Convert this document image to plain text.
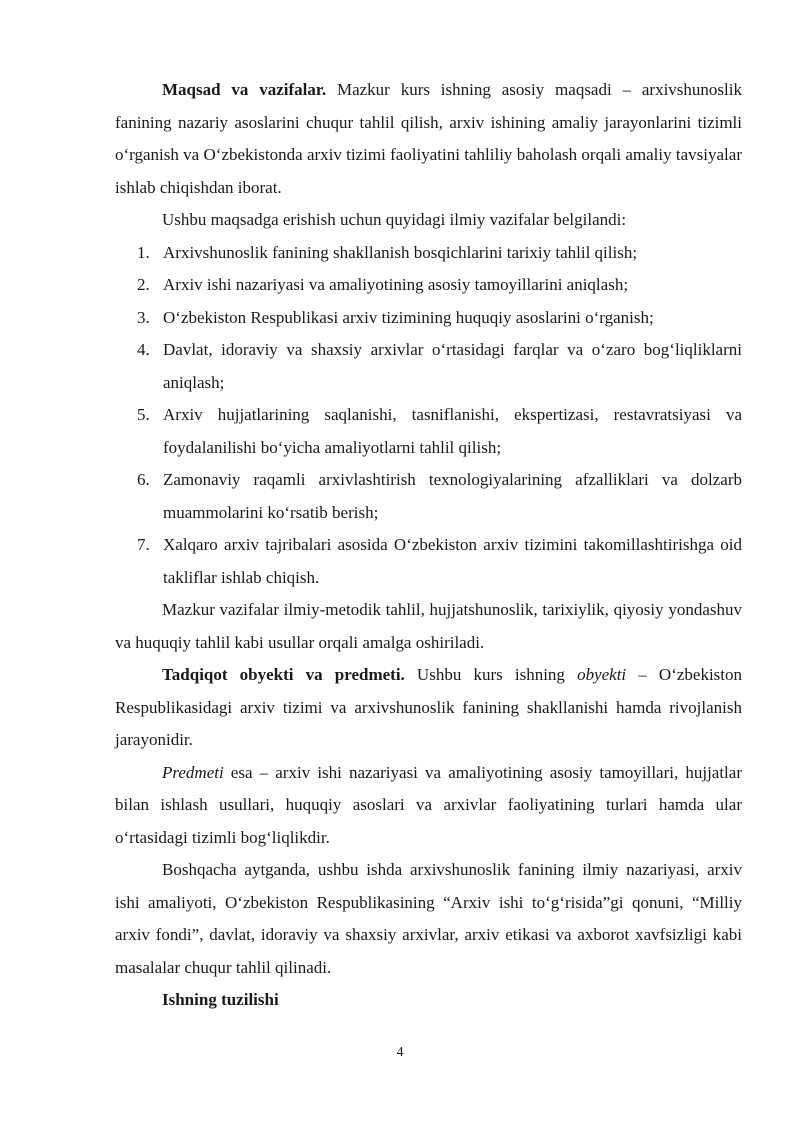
Maqsad va vazifalar. Mazkur kurs ishning asosiy maqsadi – arxivshunoslik fanining nazariy asoslarini chuqur tahlil qilish, arxiv ishining amaliy jarayonlarini tizimli o‘rganish va O‘zbekistonda arxiv tizimi faoliyatini tahliliy baholash orqali amaliy tavsiyalar ishlab chiqishdan iborat.

Ushbu maqsadga erishish uchun quyidagi ilmiy vazifalar belgilandi:

1. Arxivshunoslik fanining shakllanish bosqichlarini tarixiy tahlil qilish;
2. Arxiv ishi nazariyasi va amaliyotining asosiy tamoyillarini aniqlash;
3. O‘zbekiston Respublikasi arxiv tizimining huquqiy asoslarini o‘rganish;
4. Davlat, idoraviy va shaxsiy arxivlar o‘rtasidagi farqlar va o‘zaro bog‘liqliklarni aniqlash;
5. Arxiv hujjatlarining saqlanishi, tasniflanishi, ekspertizasi, restavratsiyasi va foydalanilishi bo‘yicha amaliyotlarni tahlil qilish;
6. Zamonaviy raqamli arxivlashtirish texnologiyalarining afzalliklari va dolzarb muammolarini ko‘rsatib berish;
7. Xalqaro arxiv tajribalari asosida O‘zbekiston arxiv tizimini takomillashtirishga oid takliflar ishlab chiqish.

Mazkur vazifalar ilmiy-metodik tahlil, hujjatshunoslik, tarixiylik, qiyosiy yondashuv va huquqiy tahlil kabi usullar orqali amalga oshiriladi.

Tadqiqot obyekti va predmeti. Ushbu kurs ishning obyekti – O‘zbekiston Respublikasidagi arxiv tizimi va arxivshunoslik fanining shakllanishi hamda rivojlanish jarayonidir.

Predmeti esa – arxiv ishi nazariyasi va amaliyotining asosiy tamoyillari, hujjatlar bilan ishlash usullari, huquqiy asoslari va arxivlar faoliyatining turlari hamda ular o‘rtasidagi tizimli bog‘liqlikdir.

Boshqacha aytganda, ushbu ishda arxivshunoslik fanining ilmiy nazariyasi, arxiv ishi amaliyoti, O‘zbekiston Respublikasining “Arxiv ishi to‘g‘risida”gi qonuni, “Milliy arxiv fondi”, davlat, idoraviy va shaxsiy arxivlar, arxiv etikasi va axborot xavfsizligi kabi masalalar chuqur tahlil qilinadi.

Ishning tuzilishi

4
